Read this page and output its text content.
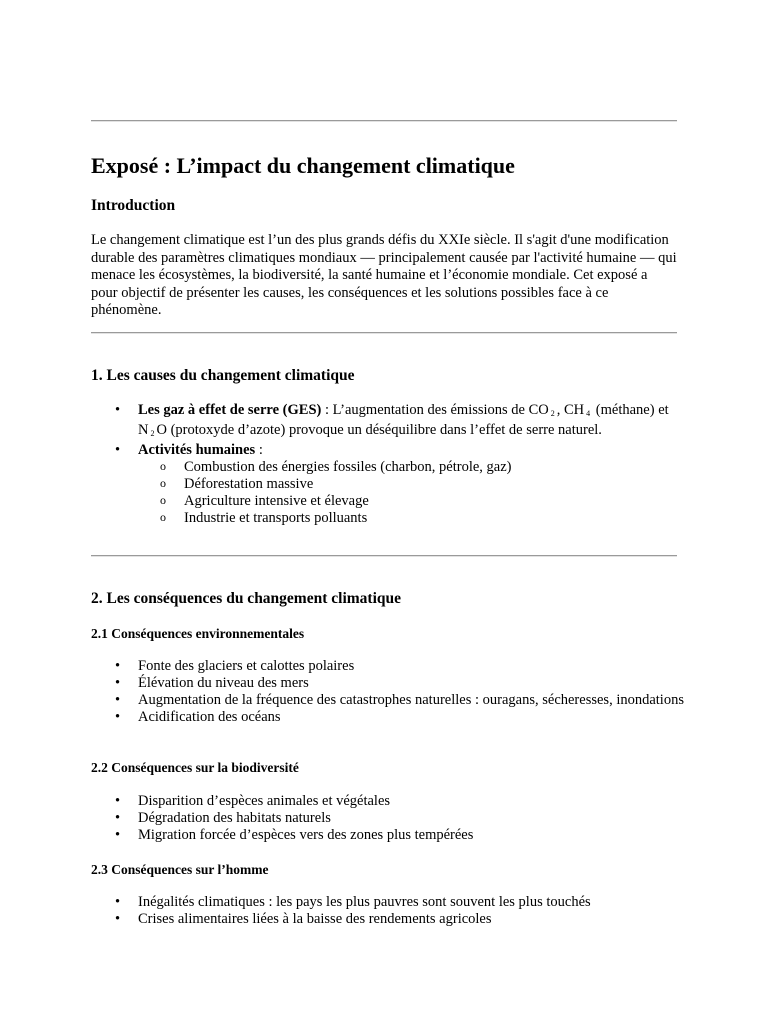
Exposé : L’impact du changement climatique
Introduction

Le changement climatique est l’un des plus grands défis du XXIe siècle. Il s'agit d'une modification durable des paramètres climatiques mondiaux — principalement causée par l'activité humaine — qui menace les écosystèmes, la biodiversité, la santé humaine et l’économie mondiale. Cet exposé a pour objectif de présenter les causes, les conséquences et les solutions possibles face à ce phénomène.

1. Les causes du changement climatique
• Les gaz à effet de serre (GES) : L’augmentation des émissions de CO $_2$ , CH $_4$ (méthane) et N $_2$ O (protoxyde d’azote) provoque un déséquilibre dans l’effet de serre naturel.
• Activités humaines :
o Combustion des énergies fossiles (charbon, pétrole, gaz)
o Déforestation massive
o Agriculture intensive et élevage
o Industrie et transports polluants
2. Les conséquences du changement climatique
2.1 Conséquences environnementales
• Fonte des glaciers et calottes polaires
• Élévation du niveau des mers
• Augmentation de la fréquence des catastrophes naturelles : ouragans, sécheresses, inondations
• Acidification des océans
2.2 Conséquences sur la biodiversité
• Disparition d’espèces animales et végétales
• Dégradation des habitats naturels
• Migration forcée d’espèces vers des zones plus tempérées
2.3 Conséquences sur l’homme
• Inégalités climatiques : les pays les plus pauvres sont souvent les plus touchés
• Crises alimentaires liées à la baisse des rendements agricoles
